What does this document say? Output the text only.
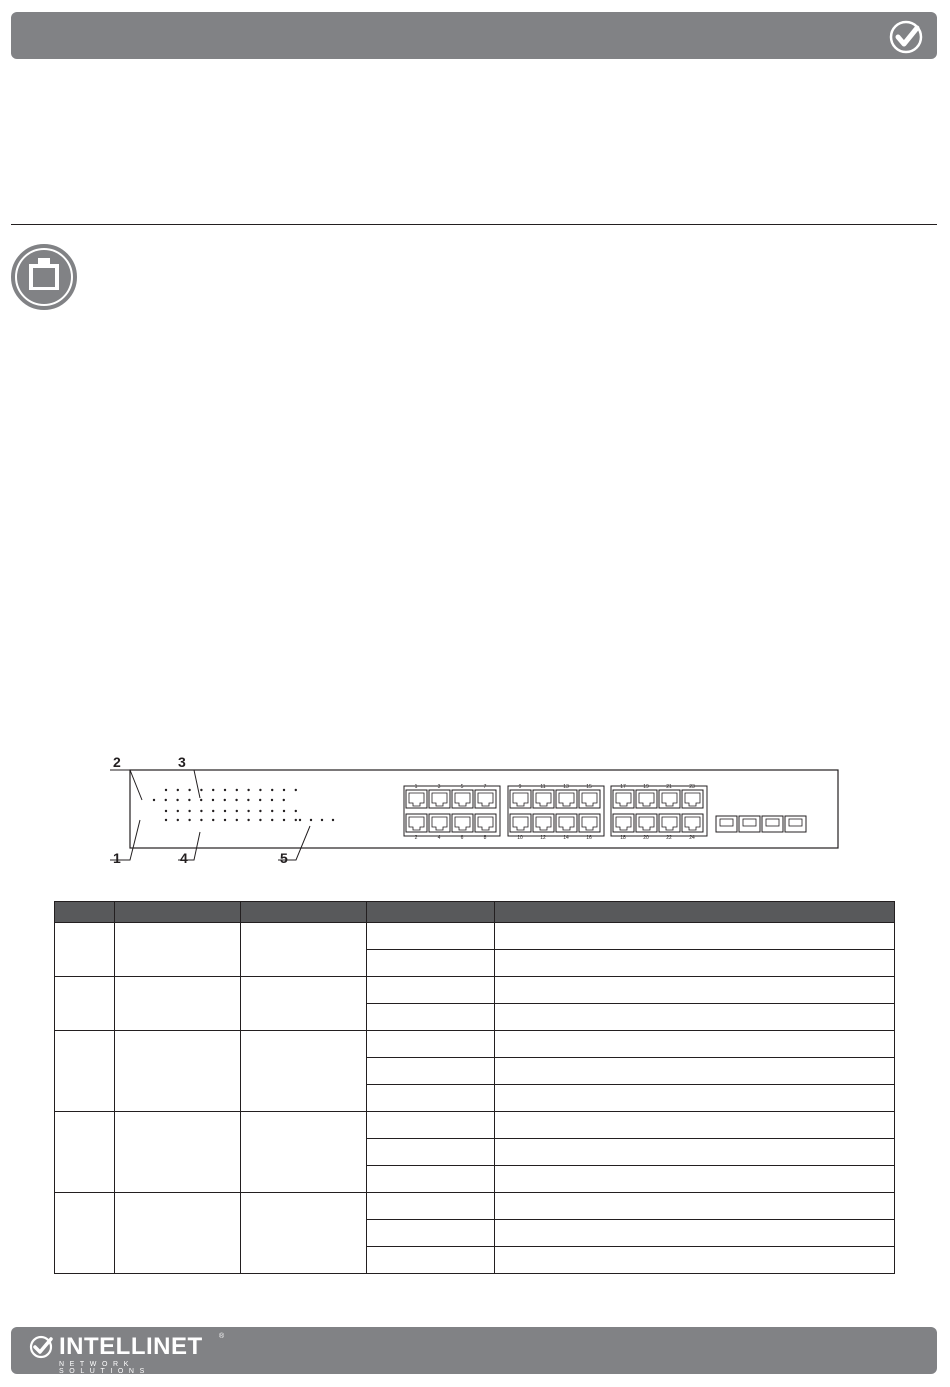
1
2
3
4
5
6
7
8
9
10
11
12
13
14
15
16
17
18
19
20
21
22
23
24
2	3
1	4	5

INTELLINET ®
NETWORK SOLUTIONS
